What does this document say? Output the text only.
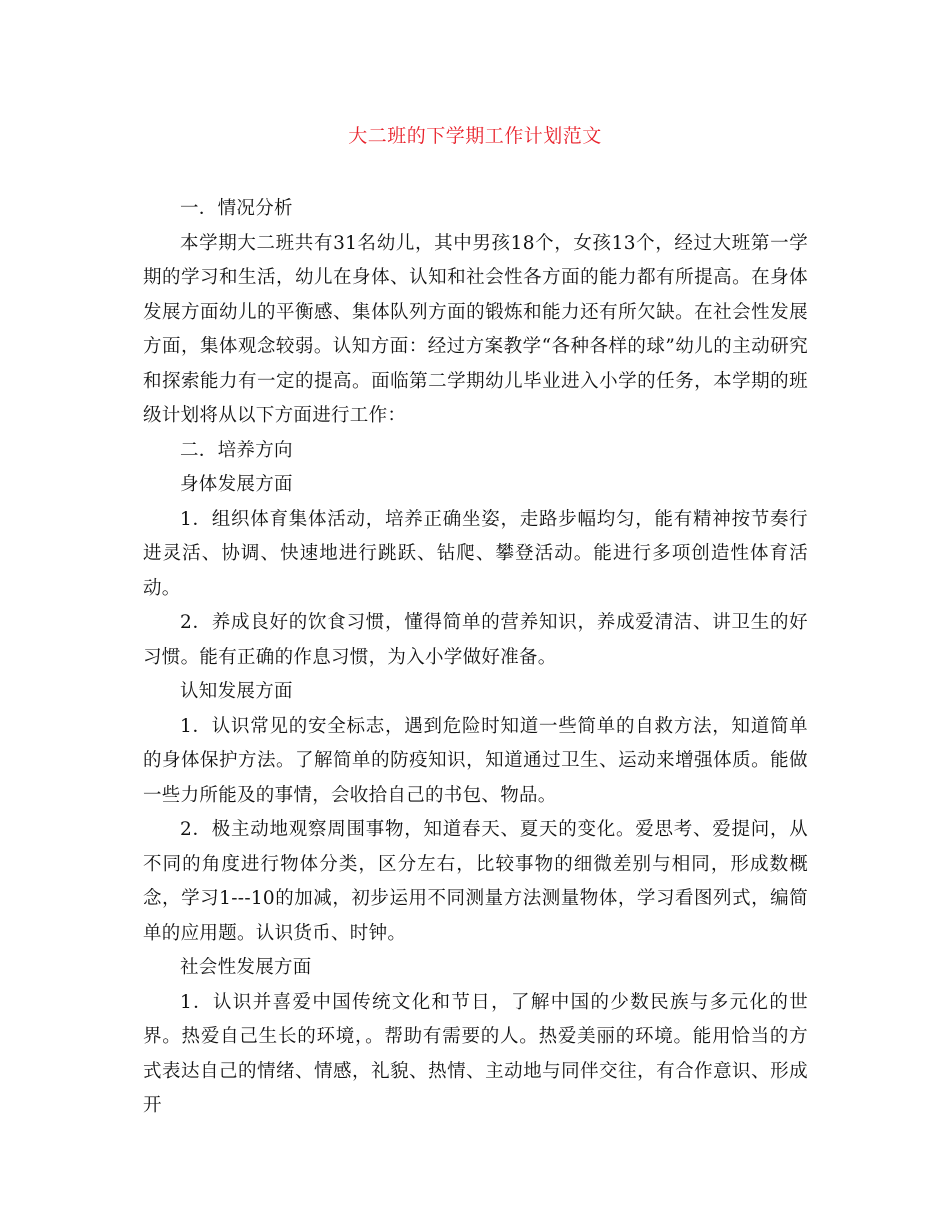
大二班的下学期工作计划范文

一．情况分析

本学期大二班共有31名幼儿，其中男孩18个，女孩13个，经过大班第一学期的学习和生活，幼儿在身体、认知和社会性各方面的能力都有所提高。在身体发展方面幼儿的平衡感、集体队列方面的锻炼和能力还有所欠缺。在社会性发展方面，集体观念较弱。认知方面：经过方案教学“各种各样的球”幼儿的主动研究和探索能力有一定的提高。面临第二学期幼儿毕业进入小学的任务，本学期的班级计划将从以下方面进行工作：

二．培养方向

身体发展方面

1．组织体育集体活动，培养正确坐姿，走路步幅均匀，能有精神按节奏行进灵活、协调、快速地进行跳跃、钻爬、攀登活动。能进行多项创造性体育活动。

2．养成良好的饮食习惯，懂得简单的营养知识，养成爱清洁、讲卫生的好习惯。能有正确的作息习惯，为入小学做好准备。

认知发展方面

1．认识常见的安全标志，遇到危险时知道一些简单的自救方法，知道简单的身体保护方法。了解简单的防疫知识，知道通过卫生、运动来增强体质。能做一些力所能及的事情，会收拾自己的书包、物品。

2．极主动地观察周围事物，知道春天、夏天的变化。爱思考、爱提问，从不同的角度进行物体分类，区分左右，比较事物的细微差别与相同，形成数概念，学习1---10的加减，初步运用不同测量方法测量物体，学习看图列式，编简单的应用题。认识货币、时钟。

社会性发展方面

1．认识并喜爱中国传统文化和节日，了解中国的少数民族与多元化的世界。热爱自己生长的环境，。帮助有需要的人。热爱美丽的环境。能用恰当的方式表达自己的情绪、情感，礼貌、热情、主动地与同伴交往，有合作意识、形成开
